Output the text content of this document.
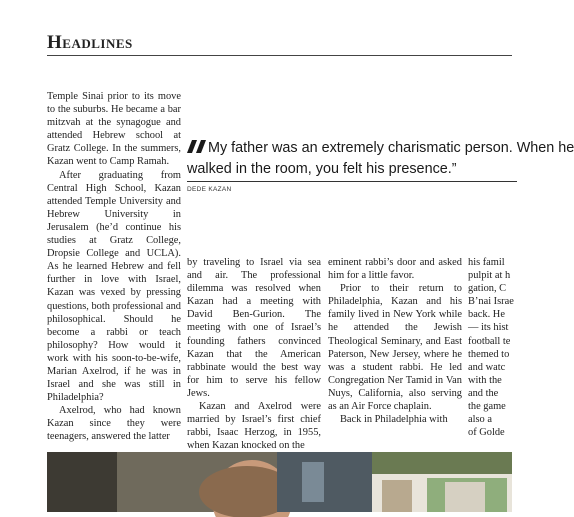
Headlines

Temple Sinai prior to its move to the suburbs. He became a bar mitzvah at the synagogue and attended Hebrew school at Gratz College. In the summers, Kazan went to Camp Ramah.

After graduating from Central High School, Kazan attended Temple University and Hebrew University in Jerusalem (he’d continue his studies at Gratz College, Dropsie College and UCLA). As he learned Hebrew and fell further in love with Israel, Kazan was vexed by pressing questions, both professional and philosophical. Should he become a rabbi or teach philosophy? How would it work with his soon-to-be-wife, Marian Axelrod, if he was in Israel and she was still in Philadelphia?

Axelrod, who had known Kazan since they were teenagers, answered the latter

My father was an extremely charismatic person. When he
walked in the room, you felt his presence.”
DEDE KAZAN

by traveling to Israel via sea and air. The professional dilemma was resolved when Kazan had a meeting with David Ben-Gurion. The meeting with one of Israel’s founding fathers convinced Kazan that the American rabbinate would the best way for him to serve his fellow Jews.

Kazan and Axelrod were married by Israel’s first chief rabbi, Isaac Herzog, in 1955, when Kazan knocked on the

eminent rabbi’s door and asked him for a little favor.

Prior to their return to Philadelphia, Kazan and his family lived in New York while he attended the Jewish Theological Seminary, and East Paterson, New Jersey, where he was a student rabbi. He led Congregation Ner Tamid in Van Nuys, California, also serving as an Air Force chaplain.

Back in Philadelphia with

his famil
pulpit at h
gation, C
B’nai Israe
back. He
— its hist
football te
themed to
and watc
with the
and the
the game
also a
of Golde
